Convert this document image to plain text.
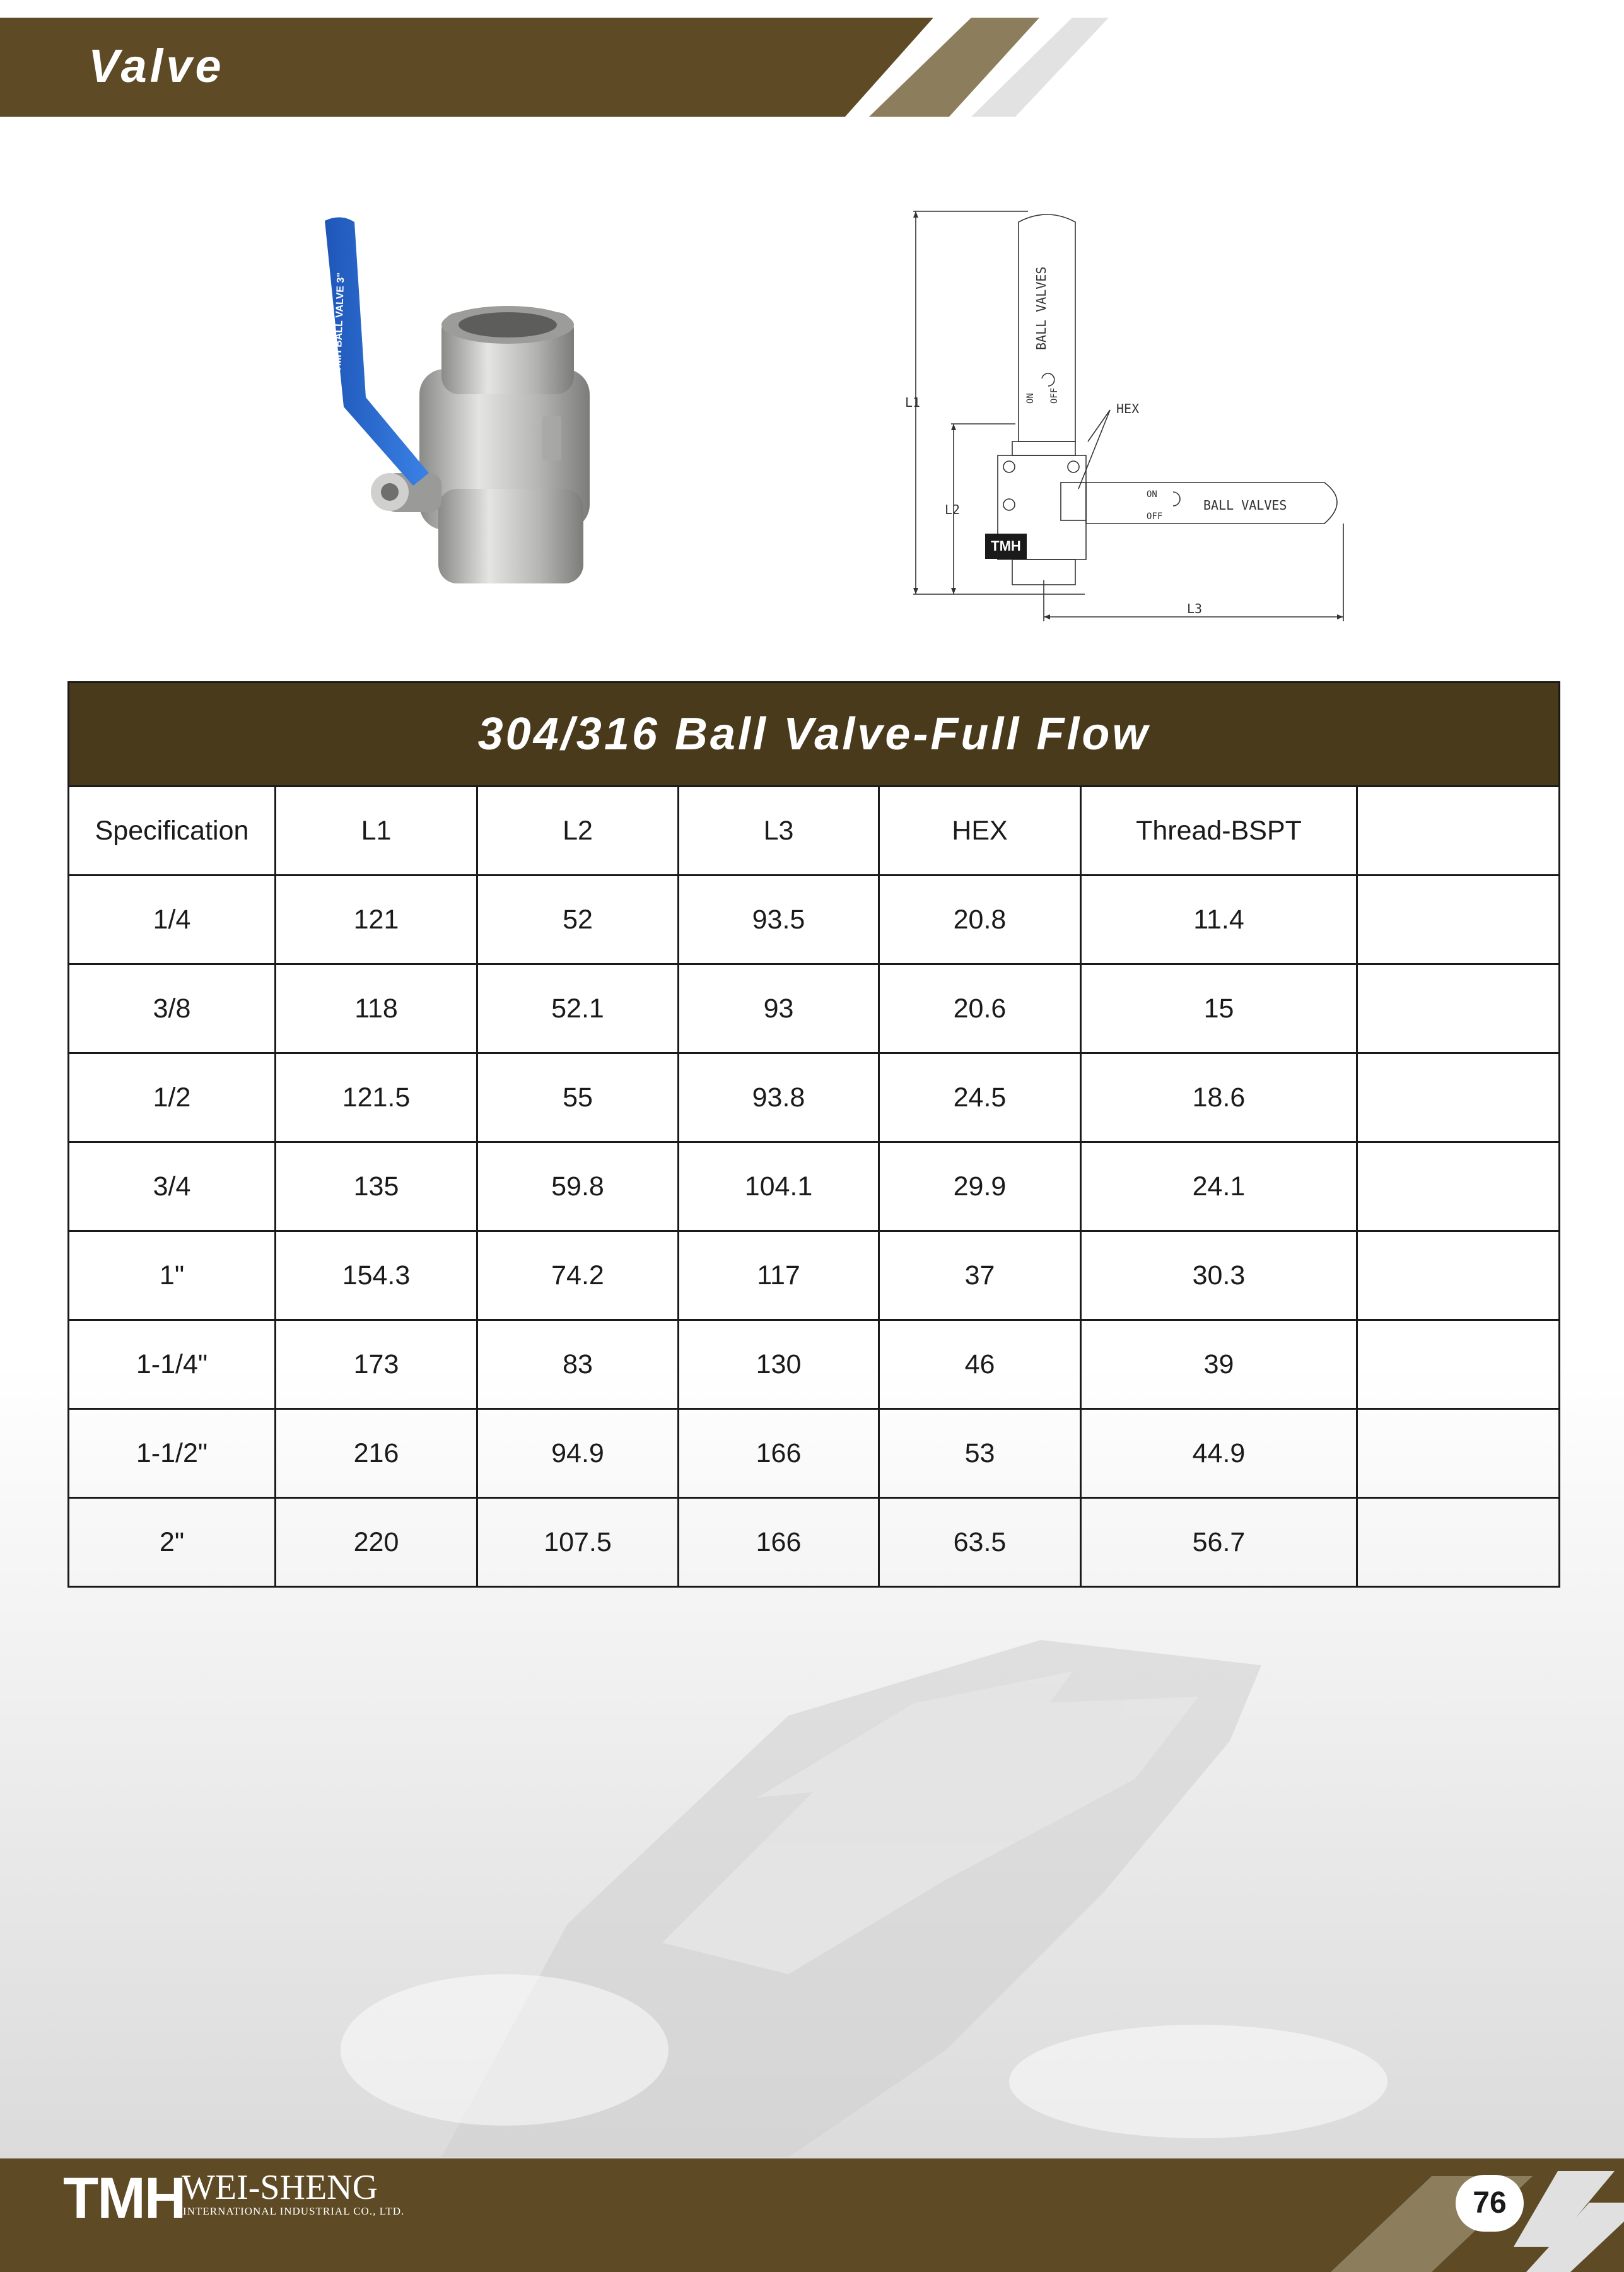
Valve
TMH BALL VALVE 3"
TMH
L1
L2
L3
HEX
BALL VALVES
BALL VALVES
ON OFF
ON
OFF
304/316 Ball Valve-Full Flow						
Specification	L1	L2	L3	HEX	Thread-BSPT	
1/4	121	52	93.5	20.8	11.4	
3/8	118	52.1	93	20.6	15	
1/2	121.5	55	93.8	24.5	18.6	
3/4	135	59.8	104.1	29.9	24.1	
1"	154.3	74.2	117	37	30.3	
1-1/4"	173	83	130	46	39	
1-1/2"	216	94.9	166	53	44.9	
2"	220	107.5	166	63.5	56.7	
TMH
WEI-SHENG
INTERNATIONAL INDUSTRIAL CO., LTD.	76
